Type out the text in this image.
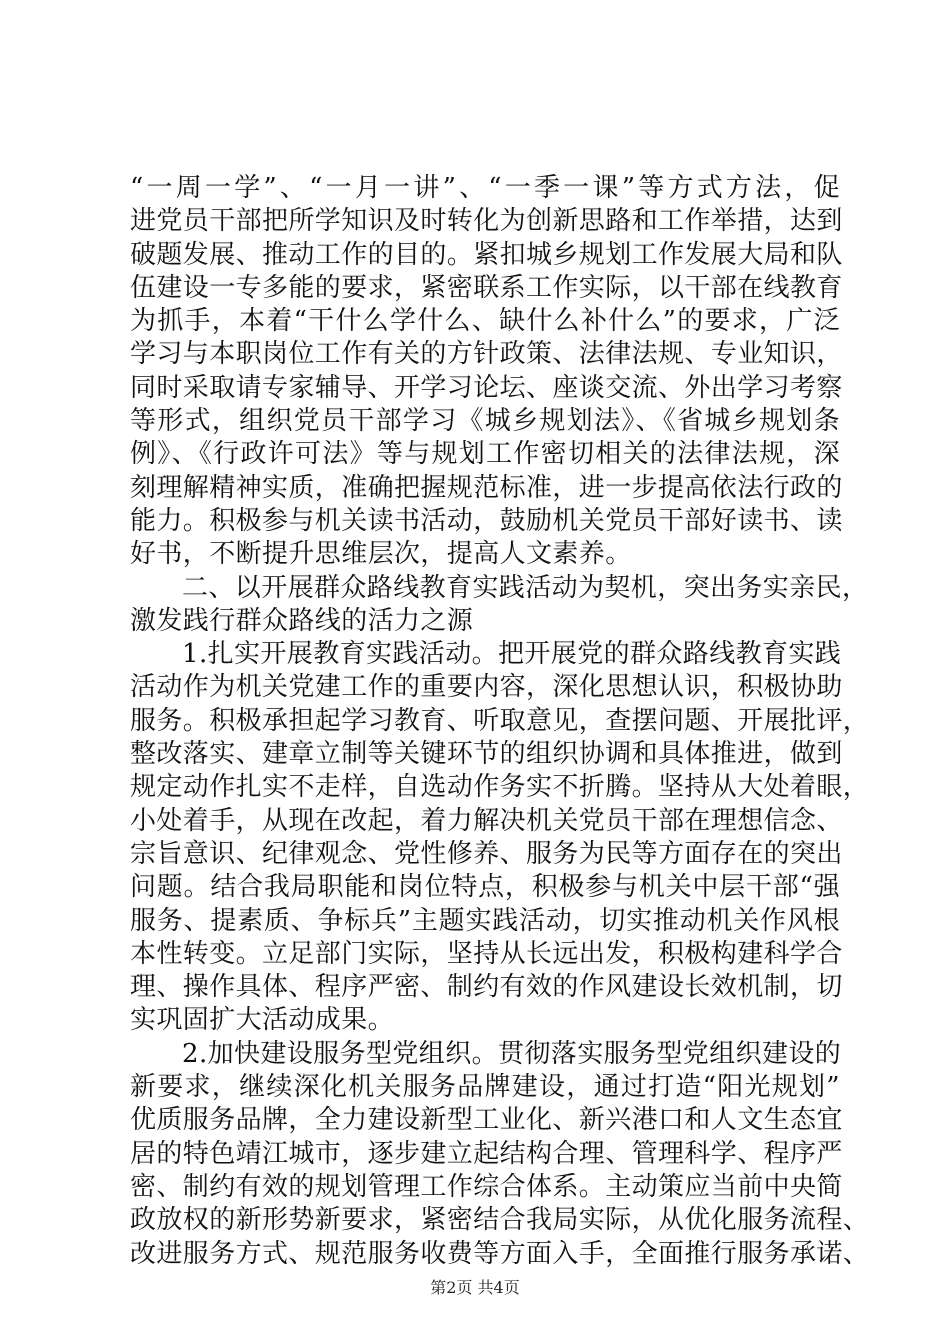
“一周一学”、“一月一讲”、“一季一课”等方式方法，促
进党员干部把所学知识及时转化为创新思路和工作举措，达到
破题发展、推动工作的目的。紧扣城乡规划工作发展大局和队
伍建设一专多能的要求，紧密联系工作实际，以干部在线教育
为抓手，本着“干什么学什么、缺什么补什么”的要求，广泛
学习与本职岗位工作有关的方针政策、法律法规、专业知识，
同时采取请专家辅导、开学习论坛、座谈交流、外出学习考察
等形式，组织党员干部学习《城乡规划法》、《省城乡规划条
例》、《行政许可法》等与规划工作密切相关的法律法规，深
刻理解精神实质，准确把握规范标准，进一步提高依法行政的
能力。积极参与机关读书活动，鼓励机关党员干部好读书、读
好书，不断提升思维层次，提高人文素养。
二、以开展群众路线教育实践活动为契机，突出务实亲民，
激发践行群众路线的活力之源
1.扎实开展教育实践活动。把开展党的群众路线教育实践
活动作为机关党建工作的重要内容，深化思想认识，积极协助
服务。积极承担起学习教育、听取意见，查摆问题、开展批评，
整改落实、建章立制等关键环节的组织协调和具体推进，做到
规定动作扎实不走样，自选动作务实不折腾。坚持从大处着眼，
小处着手，从现在改起，着力解决机关党员干部在理想信念、
宗旨意识、纪律观念、党性修养、服务为民等方面存在的突出
问题。结合我局职能和岗位特点，积极参与机关中层干部“强
服务、提素质、争标兵”主题实践活动，切实推动机关作风根
本性转变。立足部门实际，坚持从长远出发，积极构建科学合
理、操作具体、程序严密、制约有效的作风建设长效机制，切
实巩固扩大活动成果。
2.加快建设服务型党组织。贯彻落实服务型党组织建设的
新要求，继续深化机关服务品牌建设，通过打造“阳光规划”
优质服务品牌，全力建设新型工业化、新兴港口和人文生态宜
居的特色靖江城市，逐步建立起结构合理、管理科学、程序严
密、制约有效的规划管理工作综合体系。主动策应当前中央简
政放权的新形势新要求，紧密结合我局实际，从优化服务流程、
改进服务方式、规范服务收费等方面入手，全面推行服务承诺、
第2页 共4页
